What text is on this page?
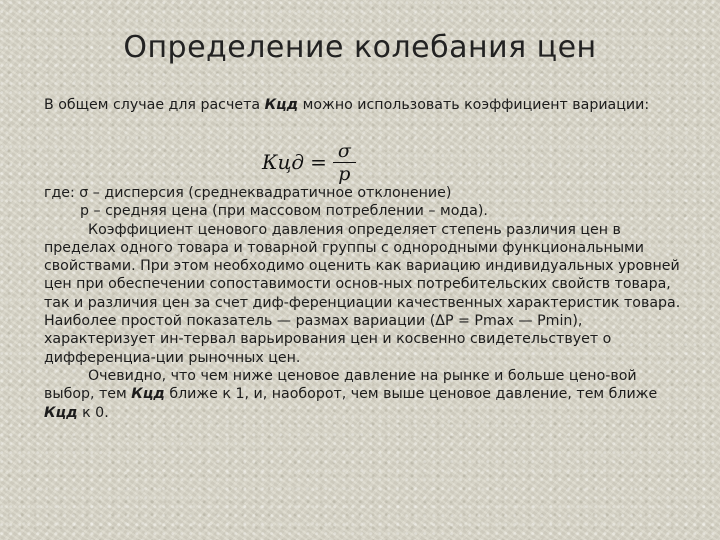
Определение колебания цен
В общем случае для расчета Кцд можно использовать коэффициент вариации:
Кцд = $\frac{\sigma}{p}$

где: σ – дисперсия (среднеквадратичное отклонение)

p – средняя цена (при массовом потреблении – мода).

Коэффициент ценового давления определяет степень различия цен в пределах одного товара и товарной группы с однородными функциональными свойствами. При этом необходимо оценить как вариацию индивидуальных уровней цен при обеспечении сопоставимости основ-ных потребительских свойств товара, так и различия цен за счет диф-ференциации качественных характеристик товара. Наиболее простой показатель — размах вариации (ΔP = Pmax — Pmin), характеризует ин-тервал варьирования цен и косвенно свидетельствует о дифференциа-ции рыночных цен.

Очевидно, что чем ниже ценовое давление на рынке и больше цено-вой выбор, тем Кцд ближе к 1, и, наоборот, чем выше ценовое давление, тем ближе Кцд к 0.
